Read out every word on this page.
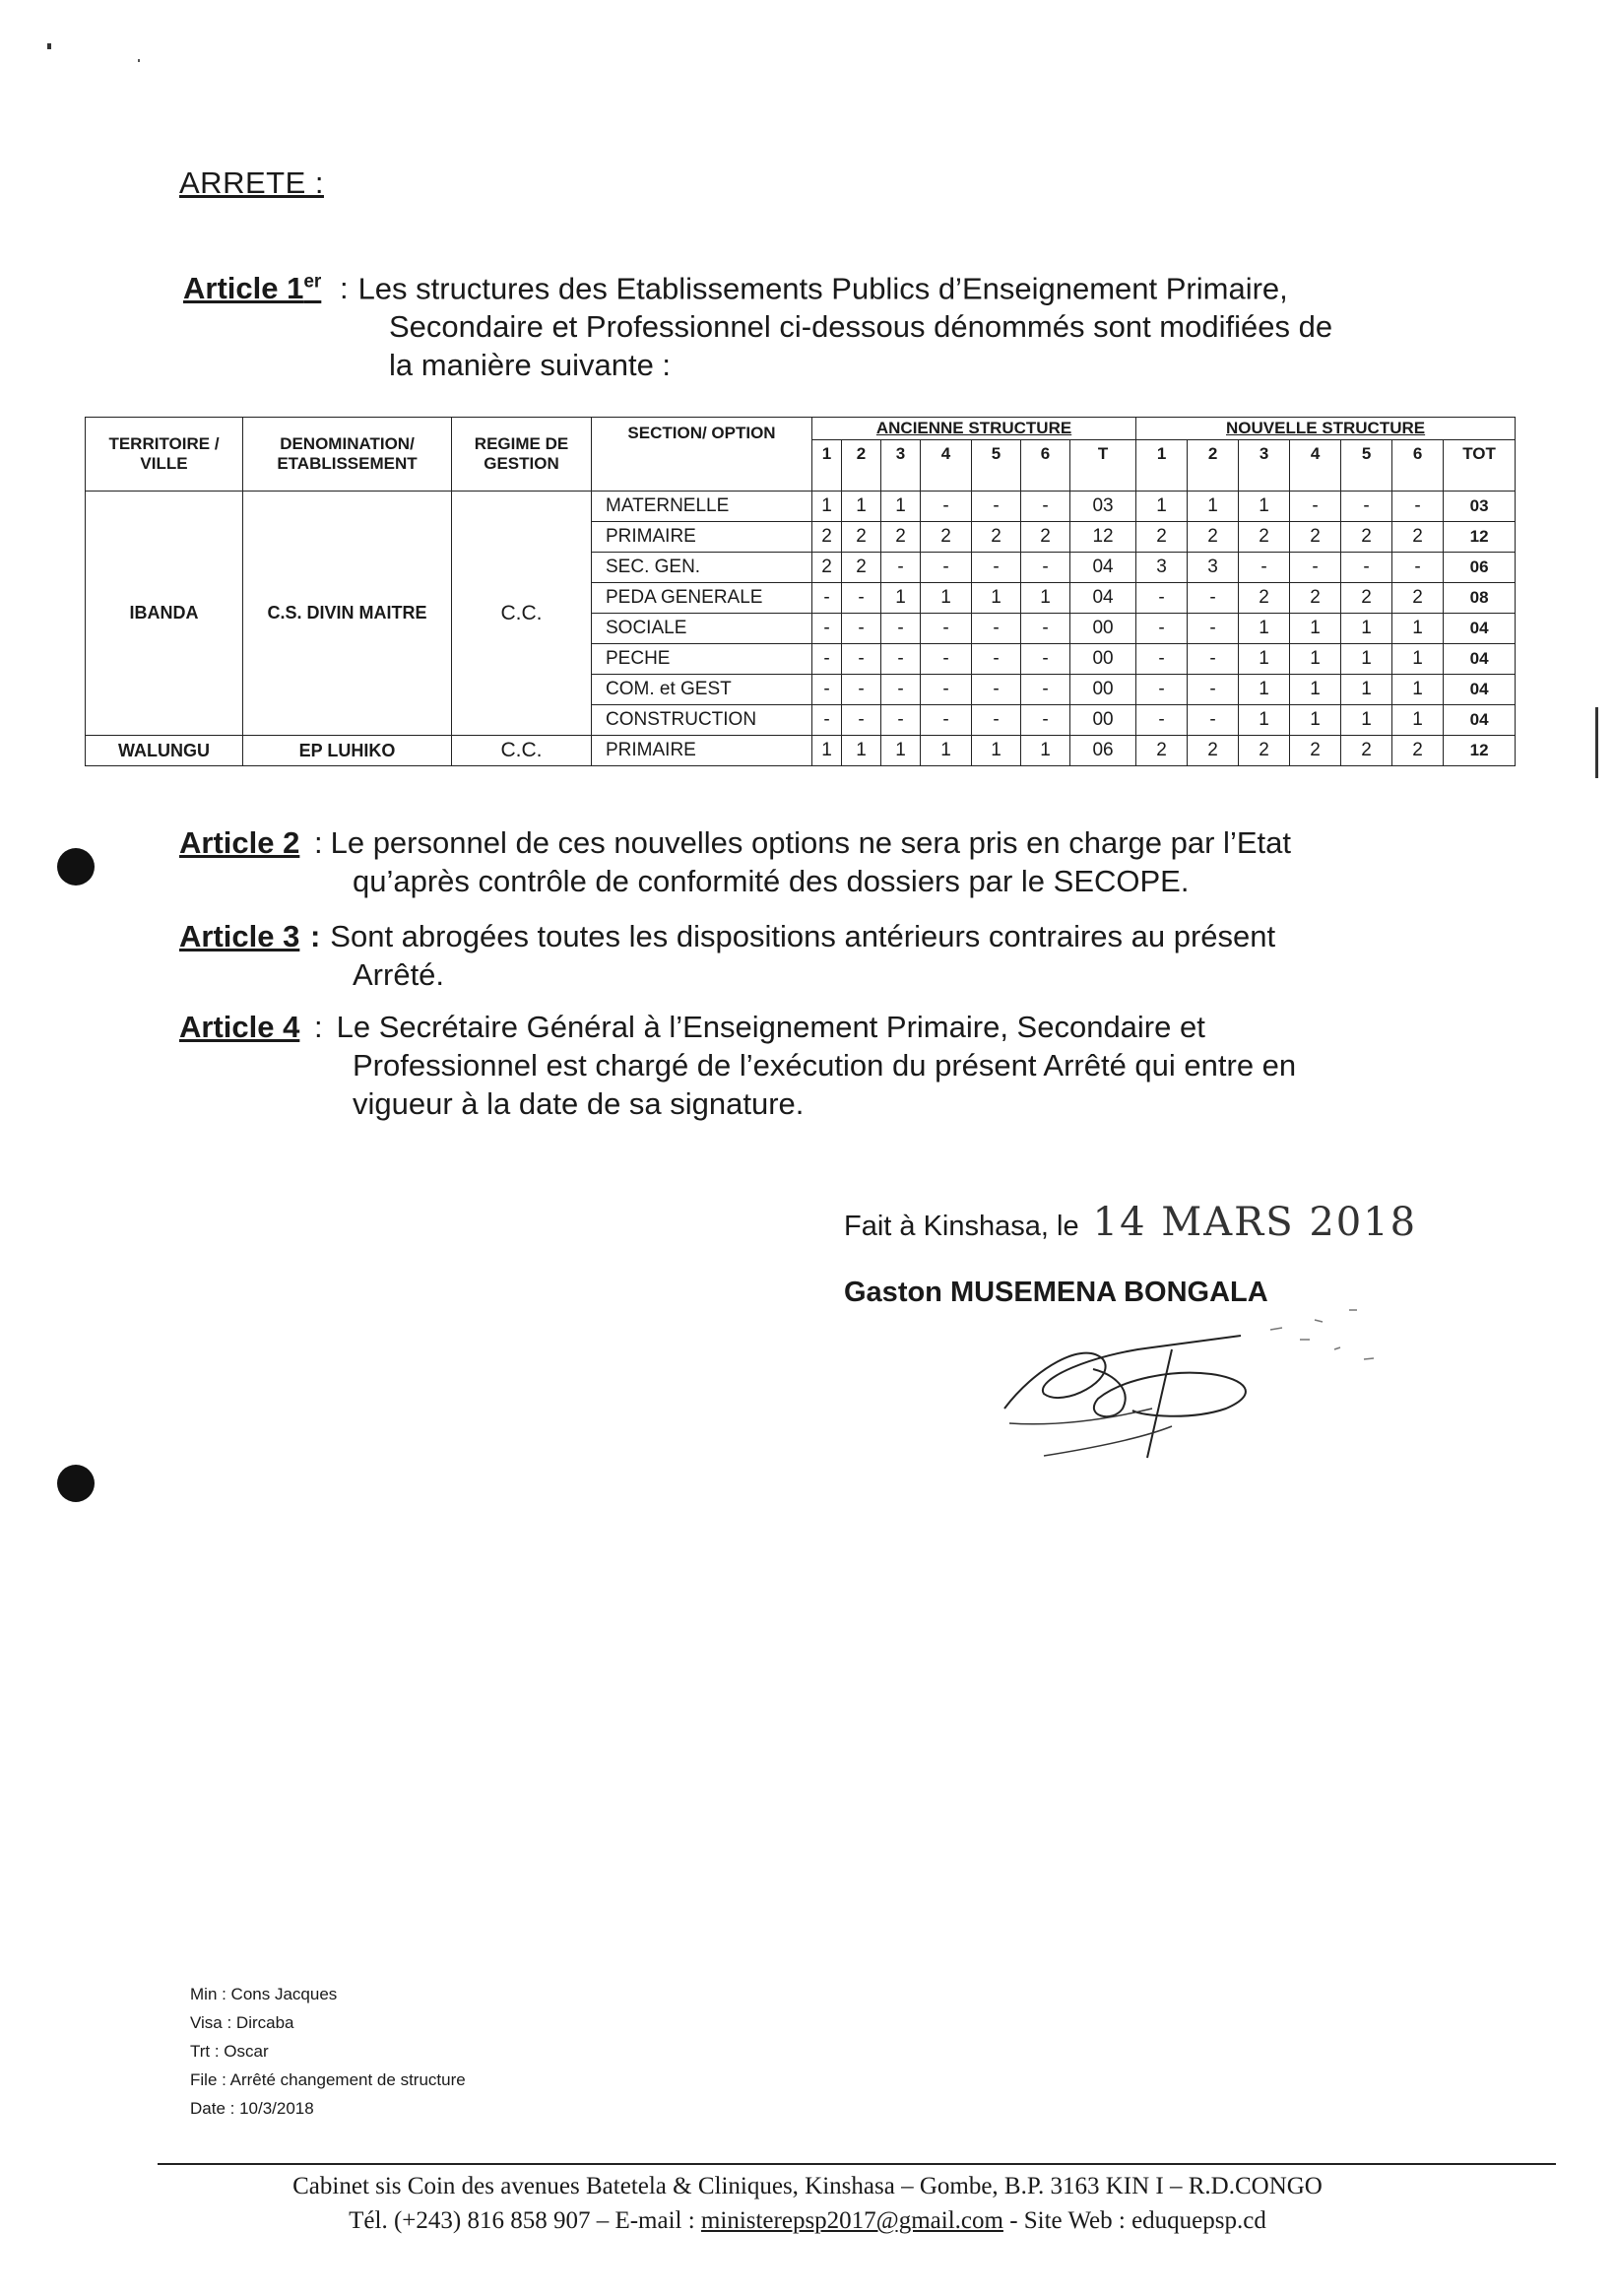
ARRETE :
Article 1er : Les structures des Etablissements Publics d’Enseignement Primaire,
Secondaire et Professionnel ci-dessous dénommés sont modifiées de
la manière suivante :
TERRITOIRE / VILLE	DENOMINATION/ ETABLISSEMENT	REGIME DE GESTION	SECTION/ OPTION	ANCIENNE STRUCTURE							NOUVELLE STRUCTURE						
				1	2	3	4	5	6	T	1	2	3	4	5	6	TOT
IBANDA	C.S. DIVIN MAITRE	C.C.	MATERNELLE	1	1	1	-	-	-	03	1	1	1	-	-	-	03
			PRIMAIRE	2	2	2	2	2	2	12	2	2	2	2	2	2	12
			SEC. GEN.	2	2	-	-	-	-	04	3	3	-	-	-	-	06
			PEDA GENERALE	-	-	1	1	1	1	04	-	-	2	2	2	2	08
			SOCIALE	-	-	-	-	-	-	00	-	-	1	1	1	1	04
			PECHE	-	-	-	-	-	-	00	-	-	1	1	1	1	04
			COM. et GEST	-	-	-	-	-	-	00	-	-	1	1	1	1	04
			CONSTRUCTION	-	-	-	-	-	-	00	-	-	1	1	1	1	04
WALUNGU	EP LUHIKO	C.C.	PRIMAIRE	1	1	1	1	1	1	06	2	2	2	2	2	2	12
Article 2 : Le personnel de ces nouvelles options ne sera pris en charge par l’Etat
qu’après contrôle de conformité des dossiers par le SECOPE.
Article 3 : Sont abrogées toutes les dispositions antérieurs contraires au présent
Arrêté.
Article 4 : Le Secrétaire Général à l’Enseignement Primaire, Secondaire et
Professionnel est chargé de l’exécution du présent Arrêté qui entre en
vigueur à la date de sa signature.
Fait à Kinshasa, le 14 MARS 2018
Gaston MUSEMENA BONGALA
Min : Cons Jacques
Visa : Dircaba
Trt : Oscar
File : Arrêté changement de structure
Date : 10/3/2018
Cabinet sis Coin des avenues Batetela & Cliniques, Kinshasa – Gombe, B.P. 3163 KIN I – R.D.CONGO
Tél. (+243) 816 858 907 – E-mail : ministerepsp2017@gmail.com - Site Web : eduquepsp.cd
